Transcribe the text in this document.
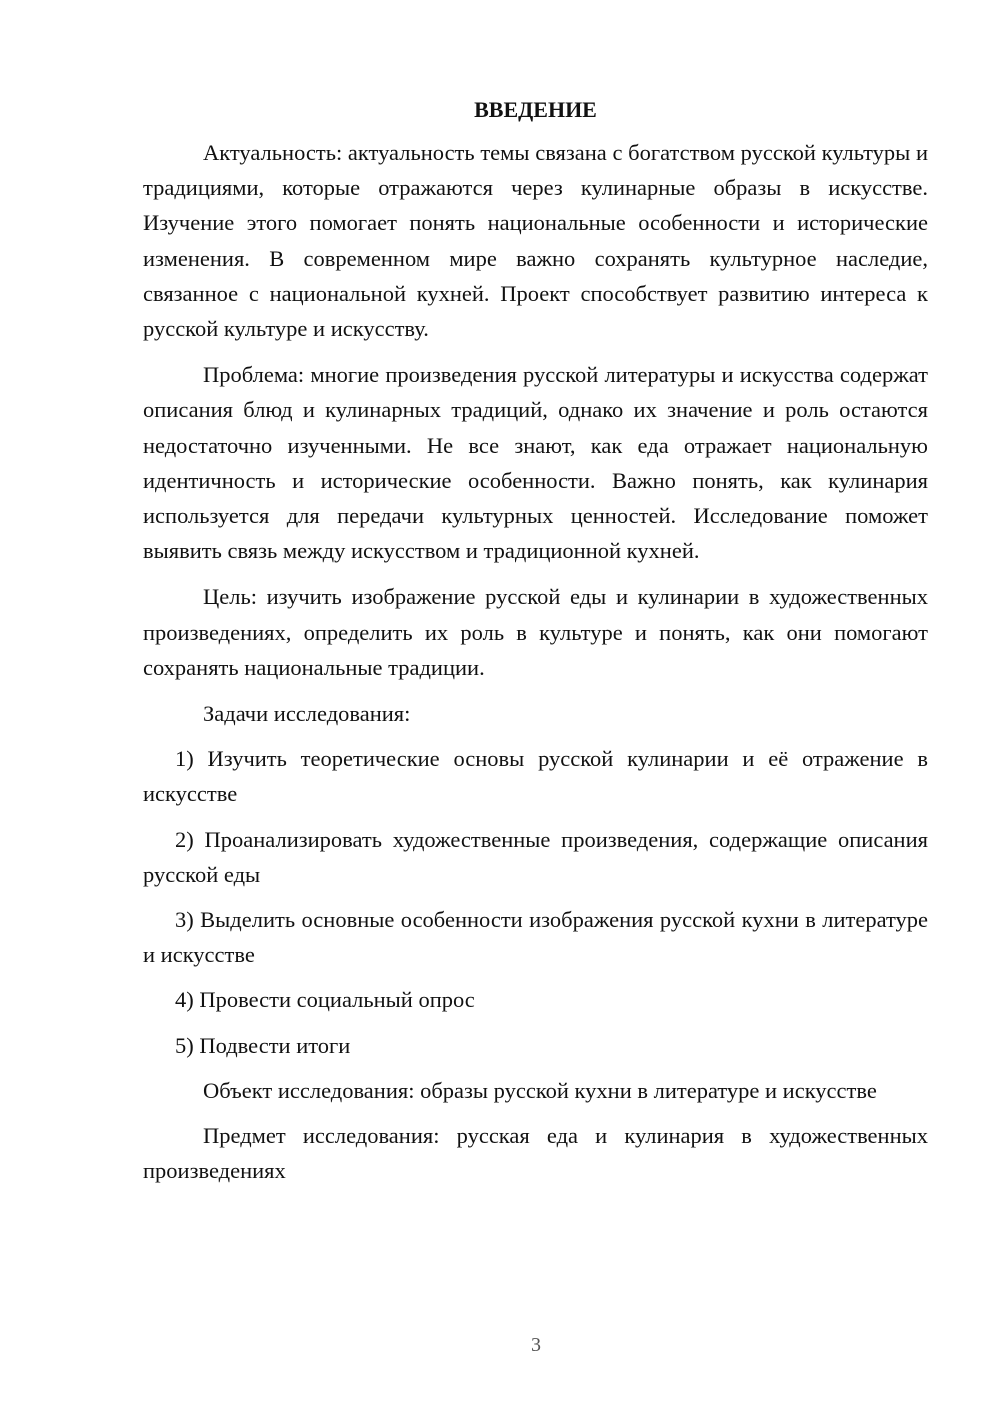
ВВЕДЕНИЕ

Актуальность: актуальность темы связана с богатством русской культуры и традициями, которые отражаются через кулинарные образы в искусстве. Изучение этого помогает понять национальные особенности и исторические изменения. В современном мире важно сохранять культурное наследие, связанное с национальной кухней. Проект способствует развитию интереса к русской культуре и искусству.

Проблема: многие произведения русской литературы и искусства содержат описания блюд и кулинарных традиций, однако их значение и роль остаются недостаточно изученными. Не все знают, как еда отражает национальную идентичность и исторические особенности. Важно понять, как кулинария используется для передачи культурных ценностей. Исследование поможет выявить связь между искусством и традиционной кухней.

Цель: изучить изображение русской еды и кулинарии в художественных произведениях, определить их роль в культуре и понять, как они помогают сохранять национальные традиции.

Задачи исследования:

1) Изучить теоретические основы русской кулинарии и её отражение в искусстве

2) Проанализировать художественные произведения, содержащие описания русской еды

3) Выделить основные особенности изображения русской кухни в литературе и искусстве

4) Провести социальный опрос

5) Подвести итоги

Объект исследования: образы русской кухни в литературе и искусстве

Предмет исследования: русская еда и кулинария в художественных произведениях

3
